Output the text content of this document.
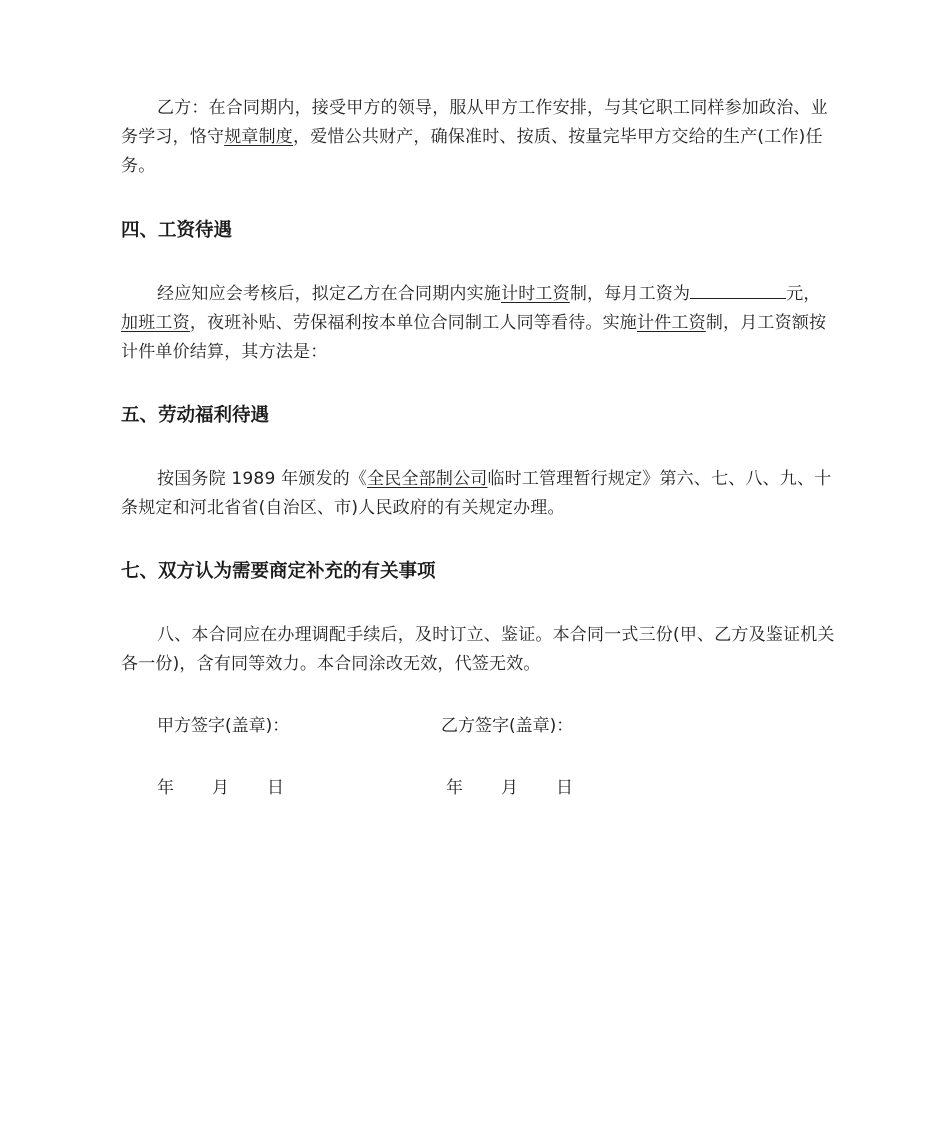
乙方：在合同期内，接受甲方的领导，服从甲方工作安排，与其它职工同样参加政治、业务学习，恪守规章制度，爱惜公共财产，确保准时、按质、按量完毕甲方交给的生产(工作)任务。

四、工资待遇

经应知应会考核后，拟定乙方在合同期内实施计时工资制，每月工资为	元，加班工资，夜班补贴、劳保福利按本单位合同制工人同等看待。实施计件工资制，月工资额按计件单价结算，其方法是：

五、劳动福利待遇

按国务院 1989 年颁发的《全民全部制公司临时工管理暂行规定》第六、七、八、九、十条规定和河北省省(自治区、市)人民政府的有关规定办理。

七、双方认为需要商定补充的有关事项

八、本合同应在办理调配手续后，及时订立、鉴证。本合同一式三份(甲、乙方及鉴证机关各一份)，含有同等效力。本合同涂改无效，代签无效。

甲方签字(盖章)：	乙方签字(盖章)：

年	月	日	年	月	日
